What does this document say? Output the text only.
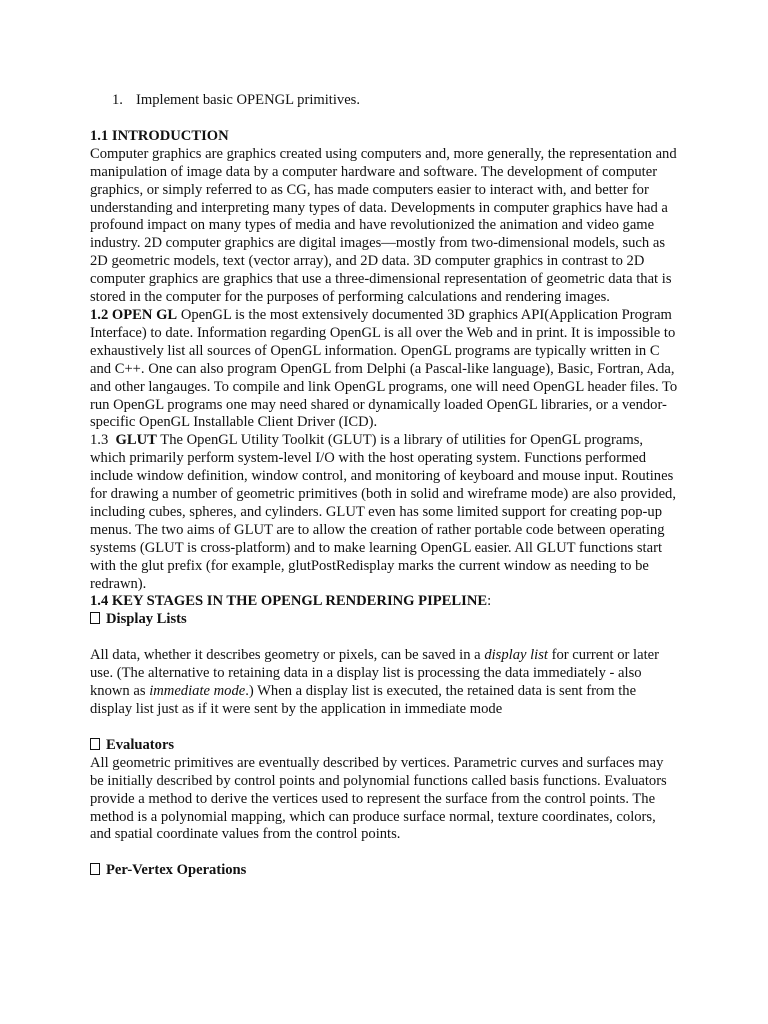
1. Implement basic OPENGL primitives.

1.1 INTRODUCTION

Computer graphics are graphics created using computers and, more generally, the representation and manipulation of image data by a computer hardware and software. The development of computer graphics, or simply referred to as CG, has made computers easier to interact with, and better for understanding and interpreting many types of data. Developments in computer graphics have had a profound impact on many types of media and have revolutionized the animation and video game industry. 2D computer graphics are digital images—mostly from two-dimensional models, such as 2D geometric models, text (vector array), and 2D data. 3D computer graphics in contrast to 2D computer graphics are graphics that use a three-dimensional representation of geometric data that is stored in the computer for the purposes of performing calculations and rendering images.

1.2 OPEN GL OpenGL is the most extensively documented 3D graphics API(Application Program Interface) to date. Information regarding OpenGL is all over the Web and in print. It is impossible to exhaustively list all sources of OpenGL information. OpenGL programs are typically written in C and C++. One can also program OpenGL from Delphi (a Pascal-like language), Basic, Fortran, Ada, and other langauges. To compile and link OpenGL programs, one will need OpenGL header files. To run OpenGL programs one may need shared or dynamically loaded OpenGL libraries, or a vendor-specific OpenGL Installable Client Driver (ICD).

1.3 GLUT The OpenGL Utility Toolkit (GLUT) is a library of utilities for OpenGL programs, which primarily perform system-level I/O with the host operating system. Functions performed include window definition, window control, and monitoring of keyboard and mouse input. Routines for drawing a number of geometric primitives (both in solid and wireframe mode) are also provided, including cubes, spheres, and cylinders. GLUT even has some limited support for creating pop-up menus. The two aims of GLUT are to allow the creation of rather portable code between operating systems (GLUT is cross-platform) and to make learning OpenGL easier. All GLUT functions start with the glut prefix (for example, glutPostRedisplay marks the current window as needing to be redrawn).

1.4 KEY STAGES IN THE OPENGL RENDERING PIPELINE:

Display Lists

All data, whether it describes geometry or pixels, can be saved in a display list for current or later use. (The alternative to retaining data in a display list is processing the data immediately - also known as immediate mode.) When a display list is executed, the retained data is sent from the display list just as if it were sent by the application in immediate mode

Evaluators

All geometric primitives are eventually described by vertices. Parametric curves and surfaces may be initially described by control points and polynomial functions called basis functions. Evaluators provide a method to derive the vertices used to represent the surface from the control points. The method is a polynomial mapping, which can produce surface normal, texture coordinates, colors, and spatial coordinate values from the control points.

Per-Vertex Operations
